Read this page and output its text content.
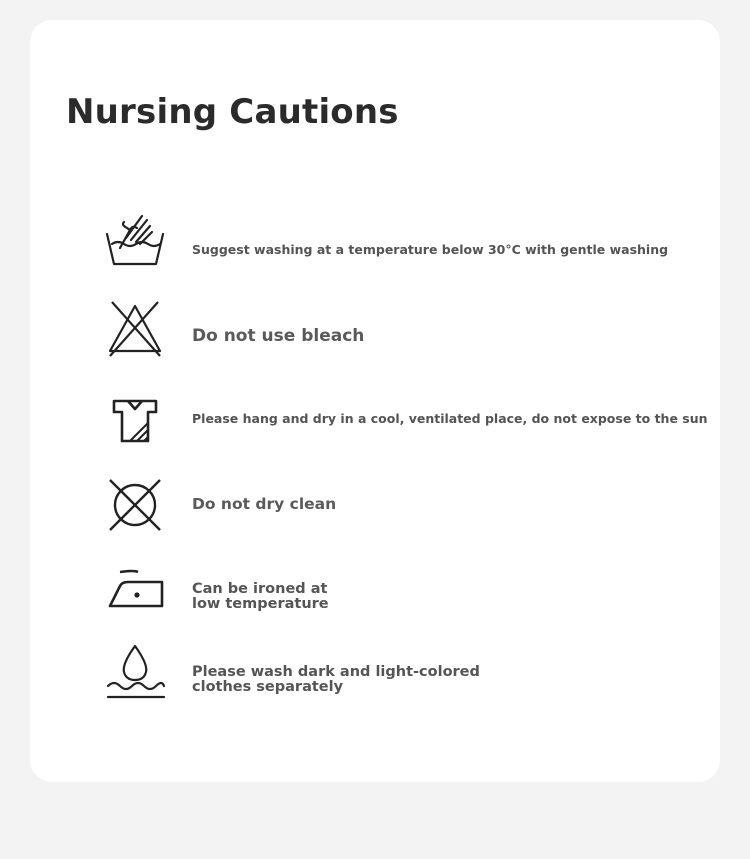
Nursing Cautions
Suggest washing at a temperature below 30°C with gentle washing
Do not use bleach
Please hang and dry in a cool, ventilated place, do not expose to the sun
Do not dry clean
Can be ironed at
low temperature
Please wash dark and light-colored
clothes separately
